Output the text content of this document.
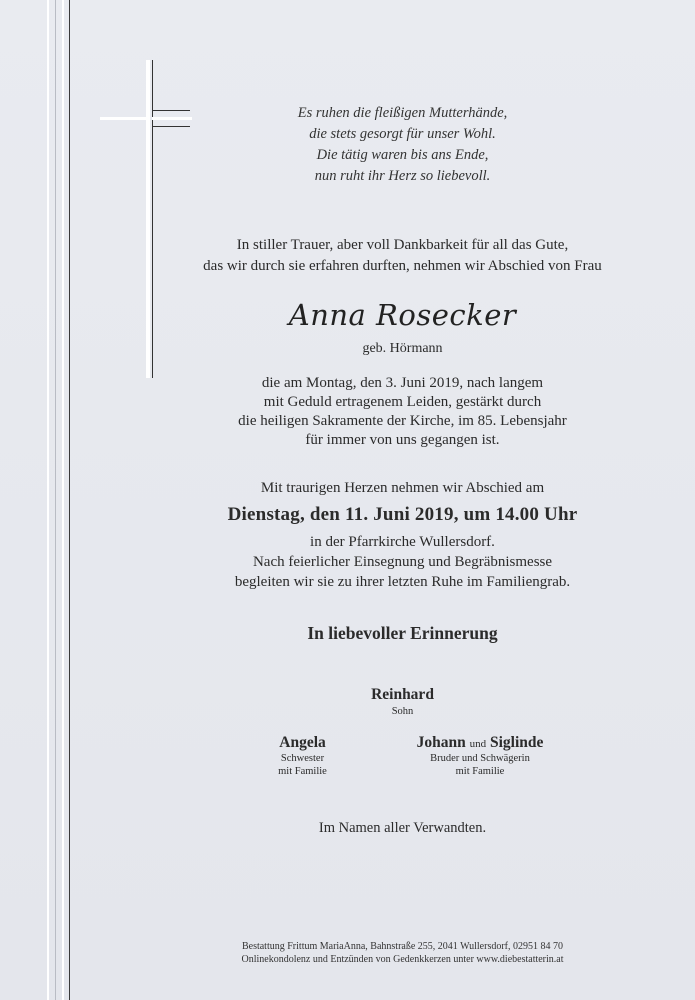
Es ruhen die fleißigen Mutterhände,
die stets gesorgt für unser Wohl.
Die tätig waren bis ans Ende,
nun ruht ihr Herz so liebevoll.
In stiller Trauer, aber voll Dankbarkeit für all das Gute,
das wir durch sie erfahren durften, nehmen wir Abschied von Frau
Anna Rosecker
geb. Hörmann
die am Montag, den 3. Juni 2019, nach langem
mit Geduld ertragenem Leiden, gestärkt durch
die heiligen Sakramente der Kirche, im 85. Lebensjahr
für immer von uns gegangen ist.
Mit traurigen Herzen nehmen wir Abschied am
Dienstag, den 11. Juni 2019, um 14.00 Uhr
in der Pfarrkirche Wullersdorf.
Nach feierlicher Einsegnung und Begräbnismesse
begleiten wir sie zu ihrer letzten Ruhe im Familiengrab.
In liebevoller Erinnerung
Reinhard
Sohn
Angela
Schwester
mit Familie
Johann und Siglinde
Bruder und Schwägerin
mit Familie
Im Namen aller Verwandten.
Bestattung Frittum MariaAnna, Bahnstraße 255, 2041 Wullersdorf, 02951 84 70
Onlinekondolenz und Entzünden von Gedenkkerzen unter www.diebestatterin.at
